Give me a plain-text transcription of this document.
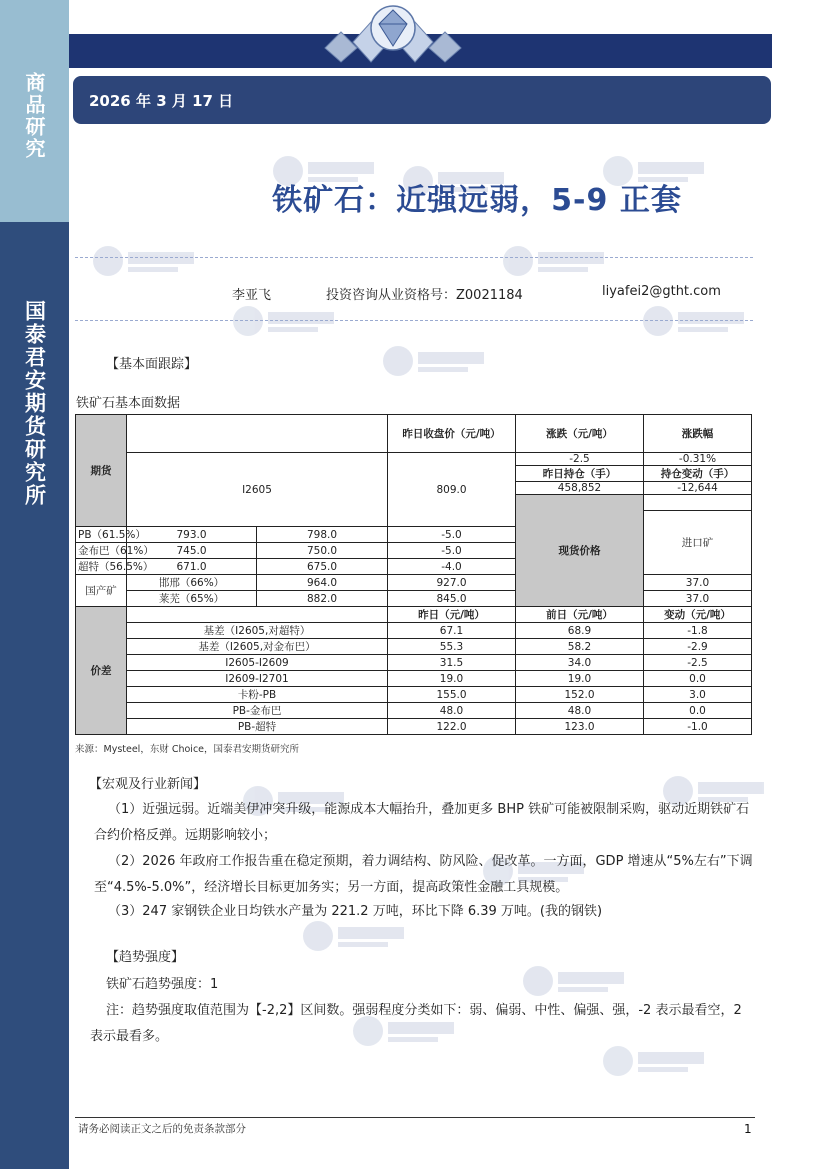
商品研究
国泰君安期货研究所
2026 年 3 月 17 日
铁矿石：近强远弱，5-9 正套
李亚飞	投资咨询从业资格号：Z0021184	liyafei2@gtht.com
【基本面跟踪】
铁矿石基本面数据
期货			昨日收盘价（元/吨）	涨跌（元/吨）	涨跌幅	
	I2605		809.0	-2.5	-0.31%	
				昨日持仓（手）	持仓变动（手）	
				458,852	-12,644	
				现货价格				
					进口矿				
PB（61.5%）	793.0	798.0	-5.0			
金布巴（61%）	745.0	750.0	-5.0			
超特（56.5%）	671.0	675.0	-4.0			
国产矿	邯邢（66%）	964.0	927.0		37.0	
	莱芜（65%）	882.0	845.0		37.0	
价差			昨日（元/吨）	前日（元/吨）	变动（元/吨）	
	基差（I2605,对超特）		67.1	68.9	-1.8	
	基差（I2605,对金布巴）		55.3	58.2	-2.9	
	I2605-I2609		31.5	34.0	-2.5	
	I2609-I2701		19.0	19.0	0.0	
	卡粉-PB		155.0	152.0	3.0	
	PB-金布巴		48.0	48.0	0.0	
	PB-超特		122.0	123.0	-1.0	
来源：Mysteel，东财 Choice，国泰君安期货研究所
【宏观及行业新闻】
（1）近强远弱。近端美伊冲突升级，能源成本大幅抬升，叠加更多 BHP 铁矿可能被限制采购，驱动近期铁矿石合约价格反弹。远期影响较小；
（2）2026 年政府工作报告重在稳定预期，着力调结构、防风险、促改革。一方面，GDP 增速从“5%左右”下调至“4.5%-5.0%”，经济增长目标更加务实；另一方面，提高政策性金融工具规模。
（3）247 家钢铁企业日均铁水产量为 221.2 万吨，环比下降 6.39 万吨。(我的钢铁)
【趋势强度】
铁矿石趋势强度：1
注：趋势强度取值范围为【-2,2】区间数。强弱程度分类如下：弱、偏弱、中性、偏强、强，-2 表示最看空，2 表示最看多。
请务必阅读正文之后的免责条款部分	1
